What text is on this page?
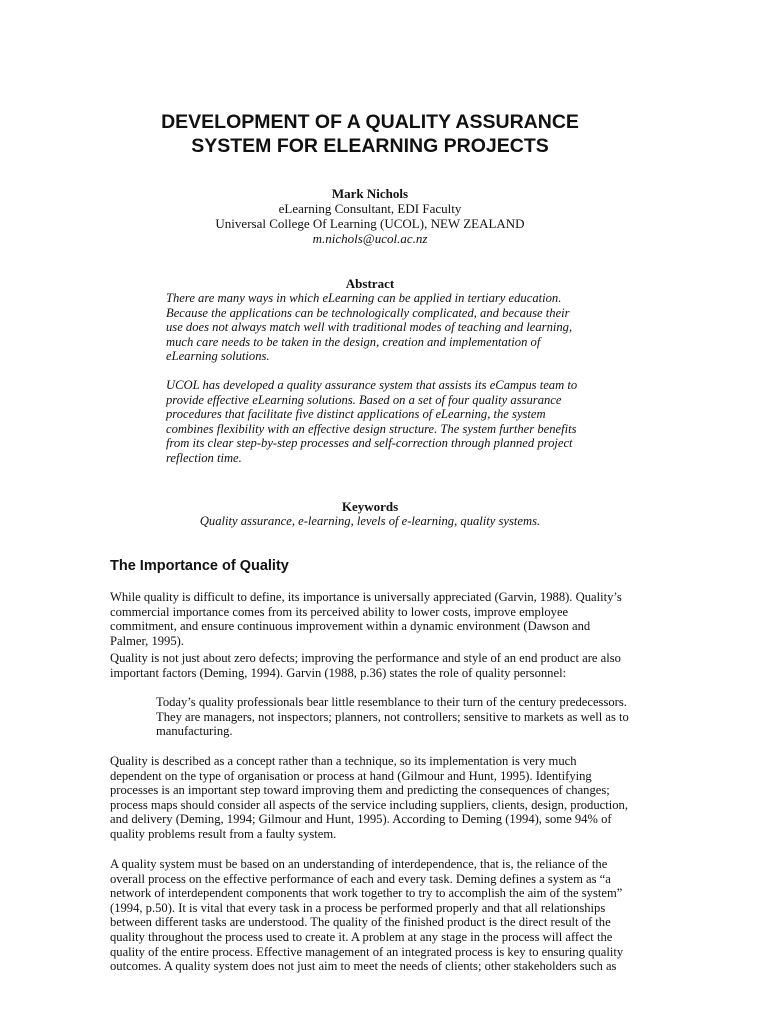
DEVELOPMENT OF A QUALITY ASSURANCE
SYSTEM FOR ELEARNING PROJECTS
Mark Nichols
eLearning Consultant, EDI Faculty
Universal College Of Learning (UCOL), NEW ZEALAND
m.nichols@ucol.ac.nz
Abstract

There are many ways in which eLearning can be applied in tertiary education. Because the applications can be technologically complicated, and because their use does not always match well with traditional modes of teaching and learning, much care needs to be taken in the design, creation and implementation of eLearning solutions.

UCOL has developed a quality assurance system that assists its eCampus team to provide effective eLearning solutions. Based on a set of four quality assurance procedures that facilitate five distinct applications of eLearning, the system combines flexibility with an effective design structure. The system further benefits from its clear step-by-step processes and self-correction through planned project reflection time.

Keywords
Quality assurance, e-learning, levels of e-learning, quality systems.
The Importance of Quality

While quality is difficult to define, its importance is universally appreciated (Garvin, 1988). Quality’s commercial importance comes from its perceived ability to lower costs, improve employee commitment, and ensure continuous improvement within a dynamic environment (Dawson and Palmer, 1995).

Quality is not just about zero defects; improving the performance and style of an end product are also important factors (Deming, 1994). Garvin (1988, p.36) states the role of quality personnel:

Today’s quality professionals bear little resemblance to their turn of the century predecessors. They are managers, not inspectors; planners, not controllers; sensitive to markets as well as to manufacturing.

Quality is described as a concept rather than a technique, so its implementation is very much dependent on the type of organisation or process at hand (Gilmour and Hunt, 1995). Identifying processes is an important step toward improving them and predicting the consequences of changes; process maps should consider all aspects of the service including suppliers, clients, design, production, and delivery (Deming, 1994; Gilmour and Hunt, 1995). According to Deming (1994), some 94% of quality problems result from a faulty system.

A quality system must be based on an understanding of interdependence, that is, the reliance of the overall process on the effective performance of each and every task. Deming defines a system as “a network of interdependent components that work together to try to accomplish the aim of the system” (1994, p.50). It is vital that every task in a process be performed properly and that all relationships between different tasks are understood. The quality of the finished product is the direct result of the quality throughout the process used to create it. A problem at any stage in the process will affect the quality of the entire process. Effective management of an integrated process is key to ensuring quality outcomes. A quality system does not just aim to meet the needs of clients; other stakeholders such as
